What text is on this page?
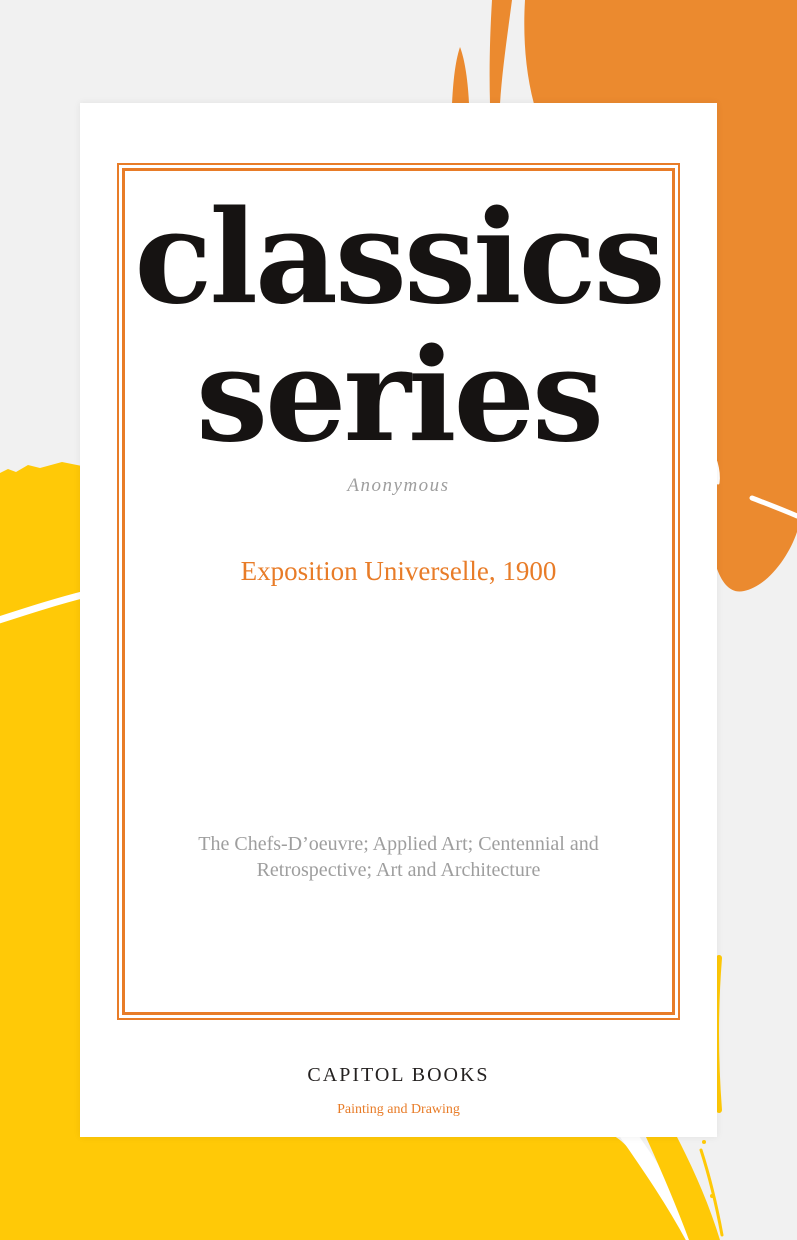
classics
series
Anonymous
Exposition Universelle, 1900
The Chefs-D’oeuvre; Applied Art; Centennial and
Retrospective; Art and Architecture
CAPITOL BOOKS
Painting and Drawing
